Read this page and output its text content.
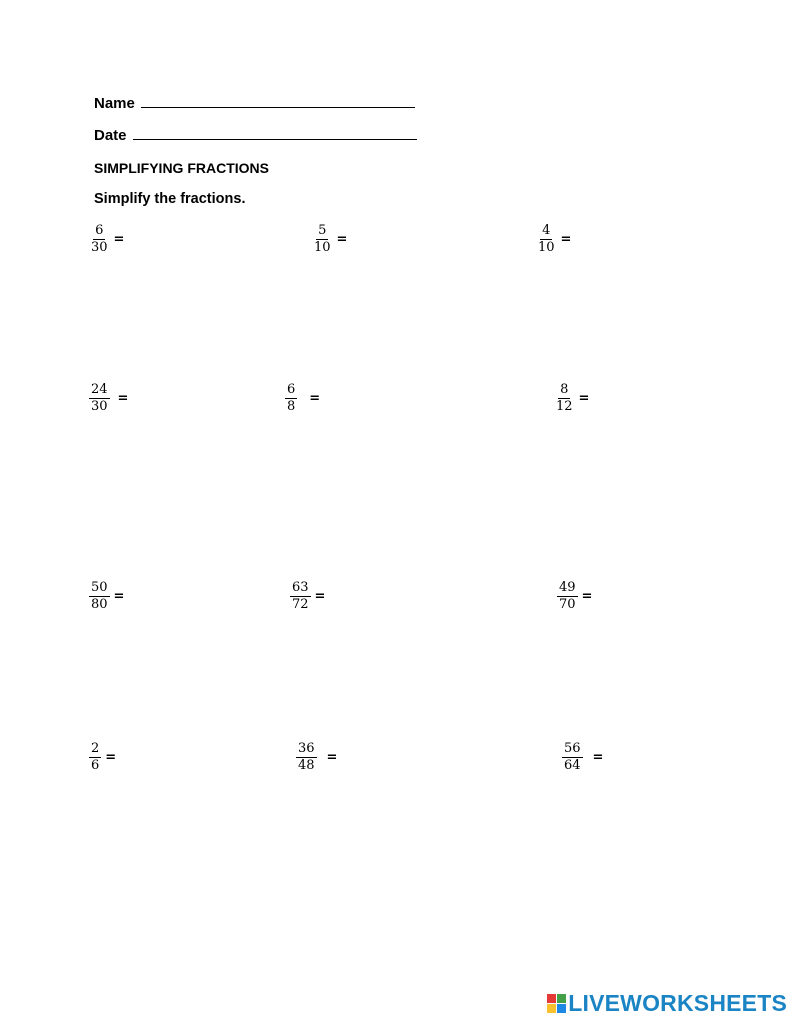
Name
Date
SIMPLIFYING FRACTIONS
Simplify the fractions.
$\frac{6}{30}$ =	$\frac{5}{10}$ =	$\frac{4}{10}$ =
$\frac{24}{30}$ =	$\frac{6}{8}$ =	$\frac{8}{12}$ =
$\frac{50}{80}$ =	$\frac{63}{72}$ =	$\frac{49}{70}$ =
$\frac{2}{6}$ =	$\frac{36}{48}$ =	$\frac{56}{64}$ =
LIVEWORKSHEETS
